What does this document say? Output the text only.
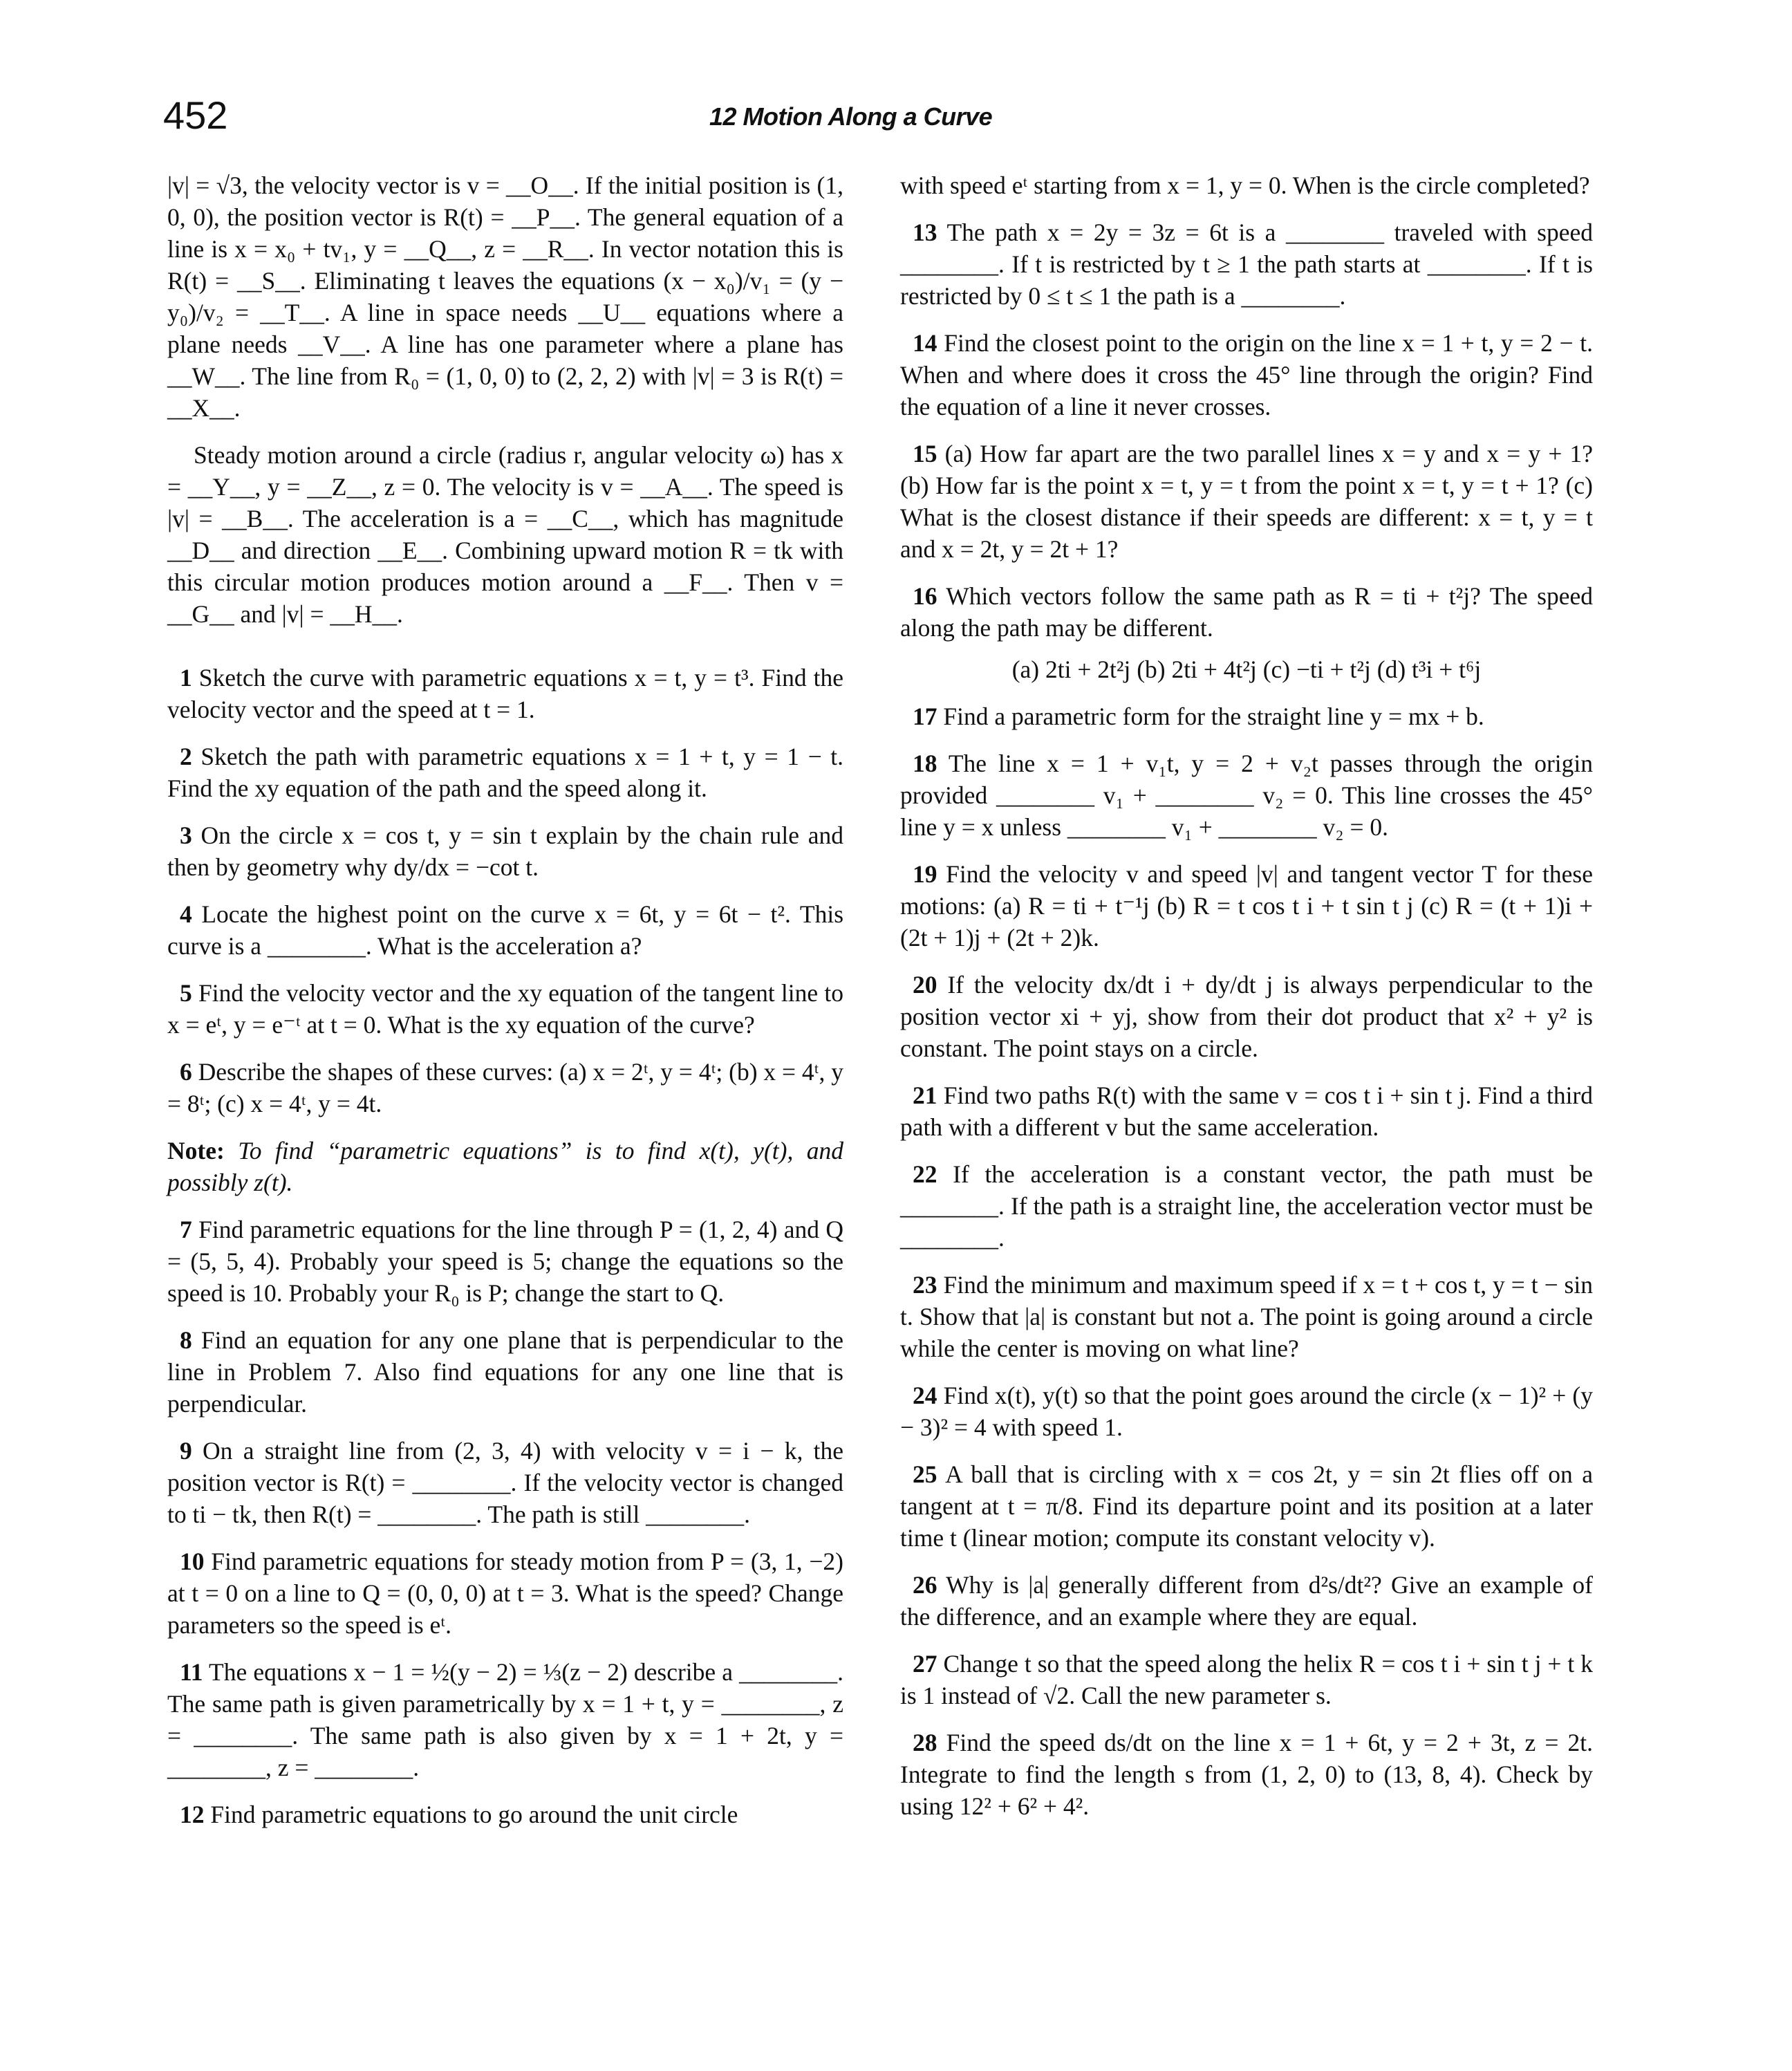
452	12 Motion Along a Curve

|v| = √3, the velocity vector is v = __O__. If the initial position is (1, 0, 0), the position vector is R(t) = __P__. The general equation of a line is x = x₀ + tv₁, y = __Q__, z = __R__. In vector notation this is R(t) = __S__. Eliminating t leaves the equations (x − x₀)/v₁ = (y − y₀)/v₂ = __T__. A line in space needs __U__ equations where a plane needs __V__. A line has one parameter where a plane has __W__. The line from R₀ = (1, 0, 0) to (2, 2, 2) with |v| = 3 is R(t) = __X__.

Steady motion around a circle (radius r, angular velocity ω) has x = __Y__, y = __Z__, z = 0. The velocity is v = __A__. The speed is |v| = __B__. The acceleration is a = __C__, which has magnitude __D__ and direction __E__. Combining upward motion R = tk with this circular motion produces motion around a __F__. Then v = __G__ and |v| = __H__.

1 Sketch the curve with parametric equations x = t, y = t³. Find the velocity vector and the speed at t = 1.

2 Sketch the path with parametric equations x = 1 + t, y = 1 − t. Find the xy equation of the path and the speed along it.

3 On the circle x = cos t, y = sin t explain by the chain rule and then by geometry why dy/dx = −cot t.

4 Locate the highest point on the curve x = 6t, y = 6t − t². This curve is a ________. What is the acceleration a?

5 Find the velocity vector and the xy equation of the tangent line to x = eᵗ, y = e⁻ᵗ at t = 0. What is the xy equation of the curve?

6 Describe the shapes of these curves: (a) x = 2ᵗ, y = 4ᵗ; (b) x = 4ᵗ, y = 8ᵗ; (c) x = 4ᵗ, y = 4t.

Note: To find “parametric equations” is to find x(t), y(t), and possibly z(t).

7 Find parametric equations for the line through P = (1, 2, 4) and Q = (5, 5, 4). Probably your speed is 5; change the equations so the speed is 10. Probably your R₀ is P; change the start to Q.

8 Find an equation for any one plane that is perpendicular to the line in Problem 7. Also find equations for any one line that is perpendicular.

9 On a straight line from (2, 3, 4) with velocity v = i − k, the position vector is R(t) = ________. If the velocity vector is changed to ti − tk, then R(t) = ________. The path is still ________.

10 Find parametric equations for steady motion from P = (3, 1, −2) at t = 0 on a line to Q = (0, 0, 0) at t = 3. What is the speed? Change parameters so the speed is eᵗ.

11 The equations x − 1 = ½(y − 2) = ⅓(z − 2) describe a ________. The same path is given parametrically by x = 1 + t, y = ________, z = ________. The same path is also given by x = 1 + 2t, y = ________, z = ________.

12 Find parametric equations to go around the unit circle

with speed eᵗ starting from x = 1, y = 0. When is the circle completed?

13 The path x = 2y = 3z = 6t is a ________ traveled with speed ________. If t is restricted by t ≥ 1 the path starts at ________. If t is restricted by 0 ≤ t ≤ 1 the path is a ________.

14 Find the closest point to the origin on the line x = 1 + t, y = 2 − t. When and where does it cross the 45° line through the origin? Find the equation of a line it never crosses.

15 (a) How far apart are the two parallel lines x = y and x = y + 1? (b) How far is the point x = t, y = t from the point x = t, y = t + 1? (c) What is the closest distance if their speeds are different: x = t, y = t and x = 2t, y = 2t + 1?

16 Which vectors follow the same path as R = ti + t²j? The speed along the path may be different.

(a) 2ti + 2t²j (b) 2ti + 4t²j (c) −ti + t²j (d) t³i + t⁶j

17 Find a parametric form for the straight line y = mx + b.

18 The line x = 1 + v₁t, y = 2 + v₂t passes through the origin provided ________ v₁ + ________ v₂ = 0. This line crosses the 45° line y = x unless ________ v₁ + ________ v₂ = 0.

19 Find the velocity v and speed |v| and tangent vector T for these motions: (a) R = ti + t⁻¹j (b) R = t cos t i + t sin t j (c) R = (t + 1)i + (2t + 1)j + (2t + 2)k.

20 If the velocity dx/dt i + dy/dt j is always perpendicular to the position vector xi + yj, show from their dot product that x² + y² is constant. The point stays on a circle.

21 Find two paths R(t) with the same v = cos t i + sin t j. Find a third path with a different v but the same acceleration.

22 If the acceleration is a constant vector, the path must be ________. If the path is a straight line, the acceleration vector must be ________.

23 Find the minimum and maximum speed if x = t + cos t, y = t − sin t. Show that |a| is constant but not a. The point is going around a circle while the center is moving on what line?

24 Find x(t), y(t) so that the point goes around the circle (x − 1)² + (y − 3)² = 4 with speed 1.

25 A ball that is circling with x = cos 2t, y = sin 2t flies off on a tangent at t = π/8. Find its departure point and its position at a later time t (linear motion; compute its constant velocity v).

26 Why is |a| generally different from d²s/dt²? Give an example of the difference, and an example where they are equal.

27 Change t so that the speed along the helix R = cos t i + sin t j + t k is 1 instead of √2. Call the new parameter s.

28 Find the speed ds/dt on the line x = 1 + 6t, y = 2 + 3t, z = 2t. Integrate to find the length s from (1, 2, 0) to (13, 8, 4). Check by using 12² + 6² + 4².
